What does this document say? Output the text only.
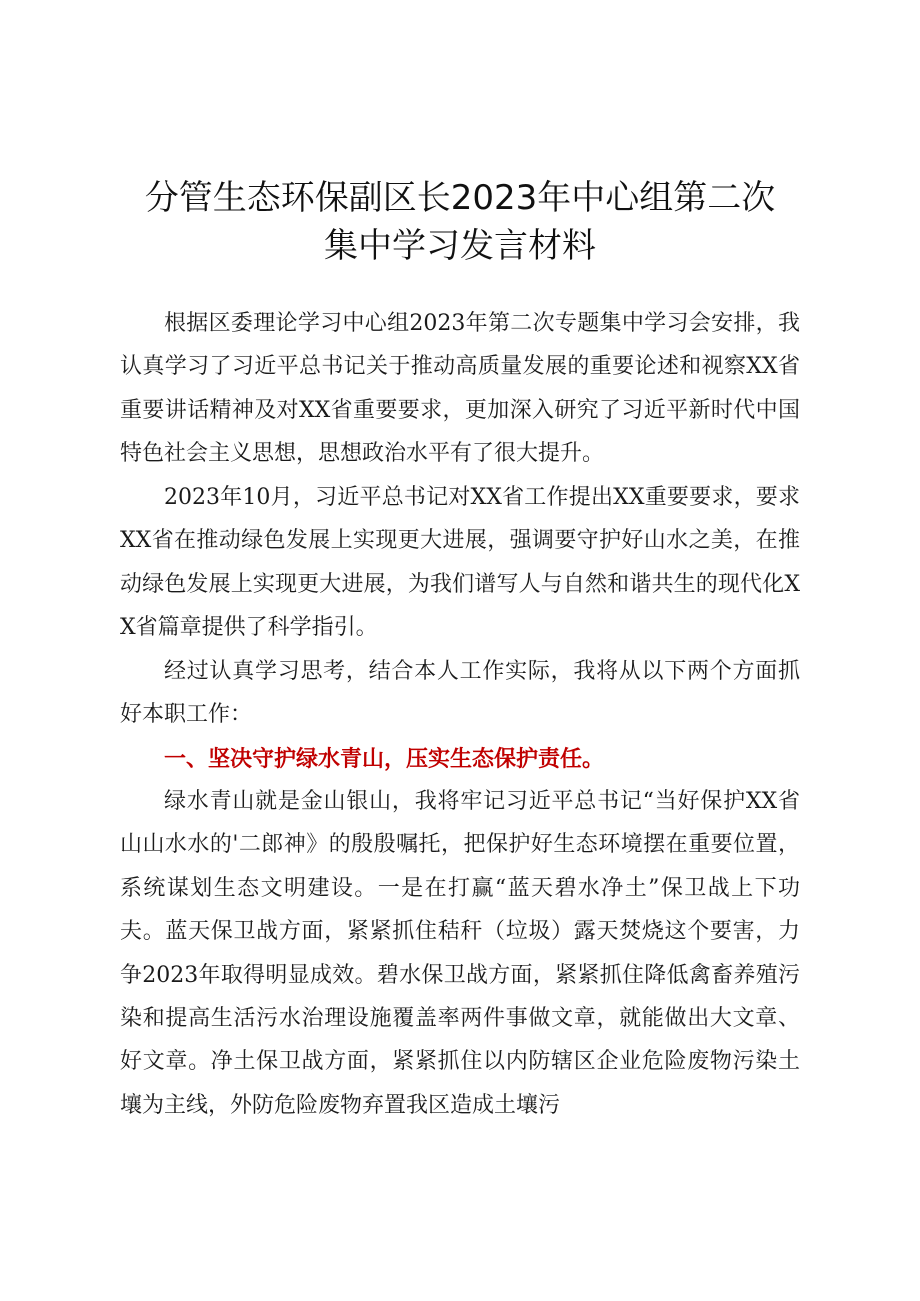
分管生态环保副区长2023年中心组第二次
集中学习发言材料

根据区委理论学习中心组2023年第二次专题集中学习会安排，我认真学习了习近平总书记关于推动高质量发展的重要论述和视察XX省重要讲话精神及对XX省重要要求，更加深入研究了习近平新时代中国特色社会主义思想，思想政治水平有了很大提升。

2023年10月，习近平总书记对XX省工作提出XX重要要求，要求XX省在推动绿色发展上实现更大进展，强调要守护好山水之美，在推动绿色发展上实现更大进展，为我们谱写人与自然和谐共生的现代化XX省篇章提供了科学指引。

经过认真学习思考，结合本人工作实际，我将从以下两个方面抓好本职工作：

一、坚决守护绿水青山，压实生态保护责任。

绿水青山就是金山银山，我将牢记习近平总书记“当好保护XX省山山水水的'二郎神》的殷殷嘱托，把保护好生态环境摆在重要位置，系统谋划生态文明建设。一是在打赢“蓝天碧水净土”保卫战上下功夫。蓝天保卫战方面，紧紧抓住秸秆（垃圾）露天焚烧这个要害，力争2023年取得明显成效。碧水保卫战方面，紧紧抓住降低禽畜养殖污染和提高生活污水治理设施覆盖率两件事做文章，就能做出大文章、好文章。净土保卫战方面，紧紧抓住以内防辖区企业危险废物污染土壤为主线，外防危险废物弃置我区造成土壤污
